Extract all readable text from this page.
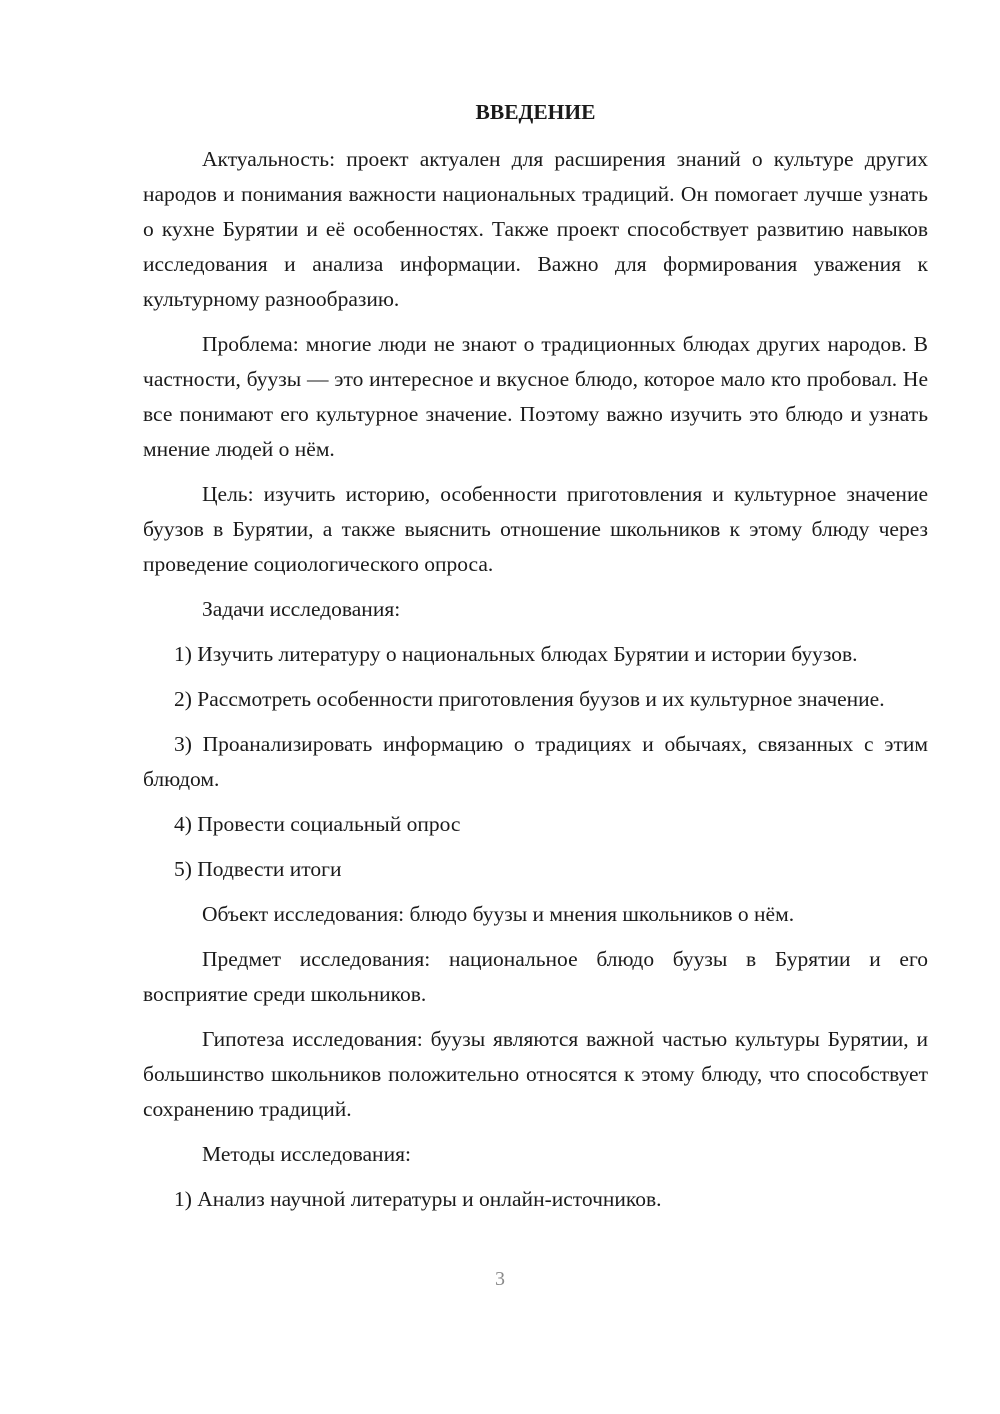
ВВЕДЕНИЕ

Актуальность: проект актуален для расширения знаний о культуре других народов и понимания важности национальных традиций. Он помогает лучше узнать о кухне Бурятии и её особенностях. Также проект способствует развитию навыков исследования и анализа информации. Важно для формирования уважения к культурному разнообразию.

Проблема: многие люди не знают о традиционных блюдах других народов. В частности, буузы — это интересное и вкусное блюдо, которое мало кто пробовал. Не все понимают его культурное значение. Поэтому важно изучить это блюдо и узнать мнение людей о нём.

Цель: изучить историю, особенности приготовления и культурное значение буузов в Бурятии, а также выяснить отношение школьников к этому блюду через проведение социологического опроса.

Задачи исследования:

1) Изучить литературу о национальных блюдах Бурятии и истории буузов.

2) Рассмотреть особенности приготовления буузов и их культурное значение.

3) Проанализировать информацию о традициях и обычаях, связанных с этим блюдом.

4) Провести социальный опрос

5) Подвести итоги

Объект исследования: блюдо буузы и мнения школьников о нём.

Предмет исследования: национальное блюдо буузы в Бурятии и его восприятие среди школьников.

Гипотеза исследования: буузы являются важной частью культуры Бурятии, и большинство школьников положительно относятся к этому блюду, что способствует сохранению традиций.

Методы исследования:

1) Анализ научной литературы и онлайн-источников.

3
